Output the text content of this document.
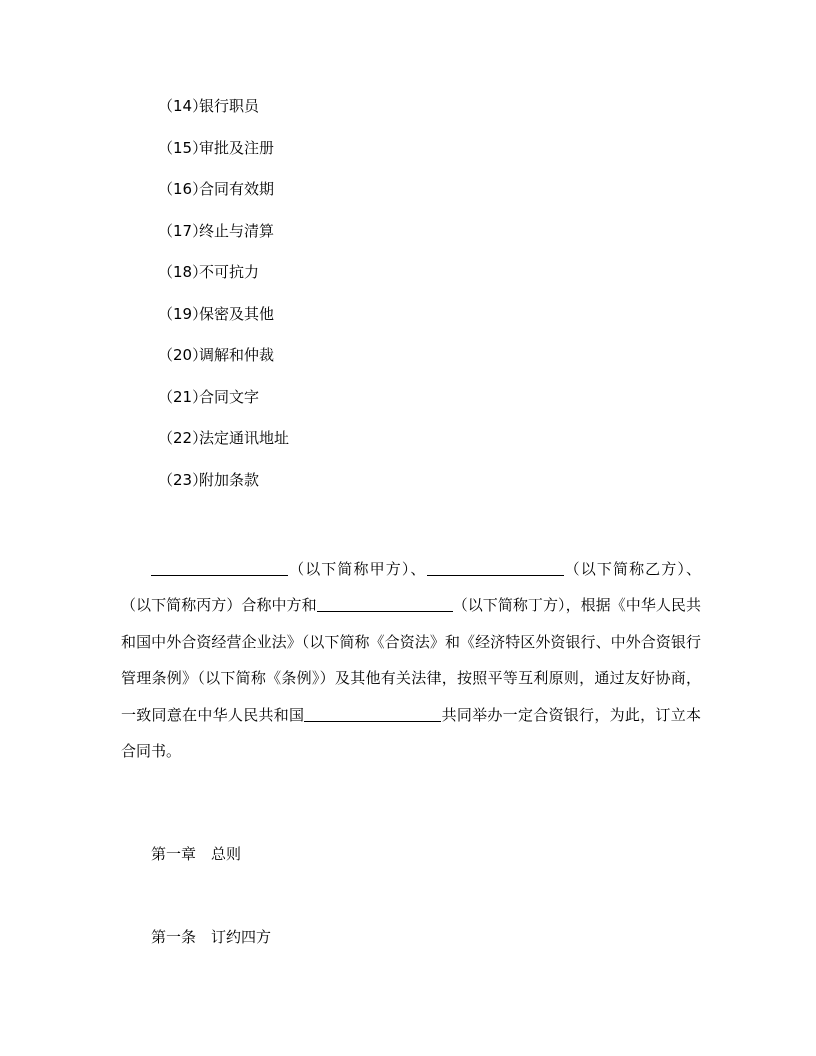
（14）银行职员
（15）审批及注册
（16）合同有效期
（17）终止与清算
（18）不可抗力
（19）保密及其他
（20）调解和仲裁
（21）合同文字
（22）法定通讯地址
（23）附加条款

（以下简称甲方）、	（以下简称乙方）、（以下简称丙方）合称中方和	（以下简称丁方），根据《中华人民共和国中外合资经营企业法》（以下简称《合资法》和《经济特区外资银行、中外合资银行管理条例》（以下简称《条例》）及其他有关法律，按照平等互利原则，通过友好协商，一致同意在中华人民共和国	共同举办一定合资银行，为此，订立本合同书。

第一章　总则

第一条　订约四方
